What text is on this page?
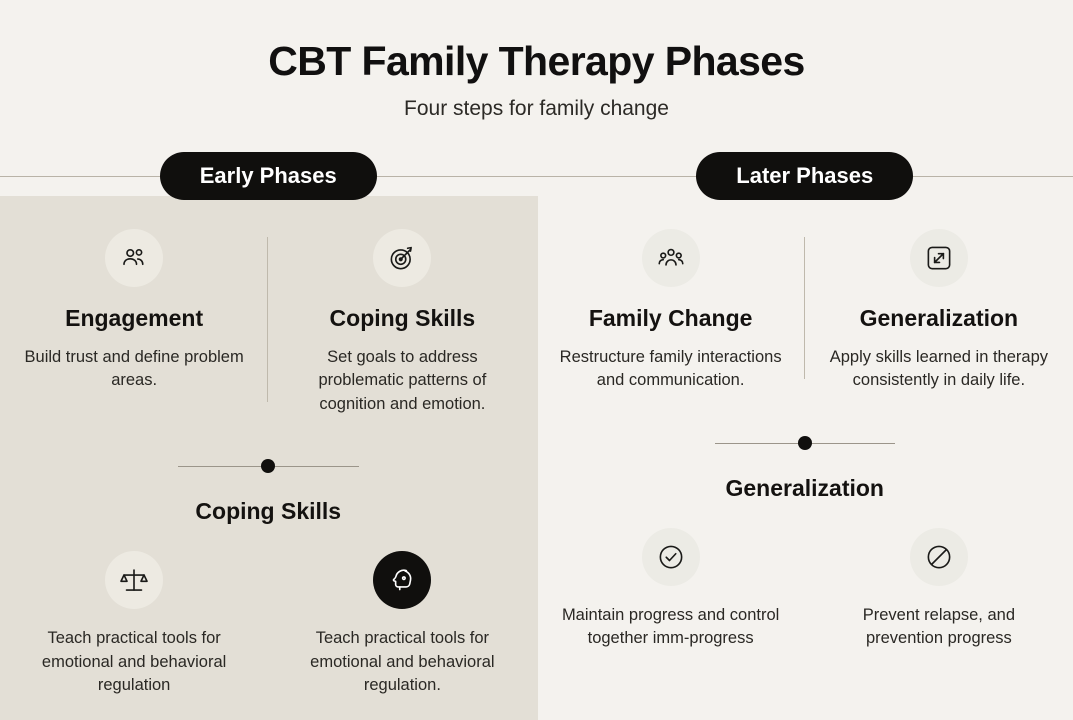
CBT Family Therapy Phases

Four steps for family change

Early Phases
Engagement

Build trust and define problem areas.

Coping Skills

Set goals to address problematic patterns of cognition and emotion.

Coping Skills

Teach practical tools for emotional and behavioral regulation

Teach practical tools for emotional and behavioral regulation.

Later Phases
Family Change

Restructure family interactions and communication.

Generalization

Apply skills learned in therapy consistently in daily life.

Generalization

Maintain progress and control together imm-progress

Prevent relapse, and prevention progress
